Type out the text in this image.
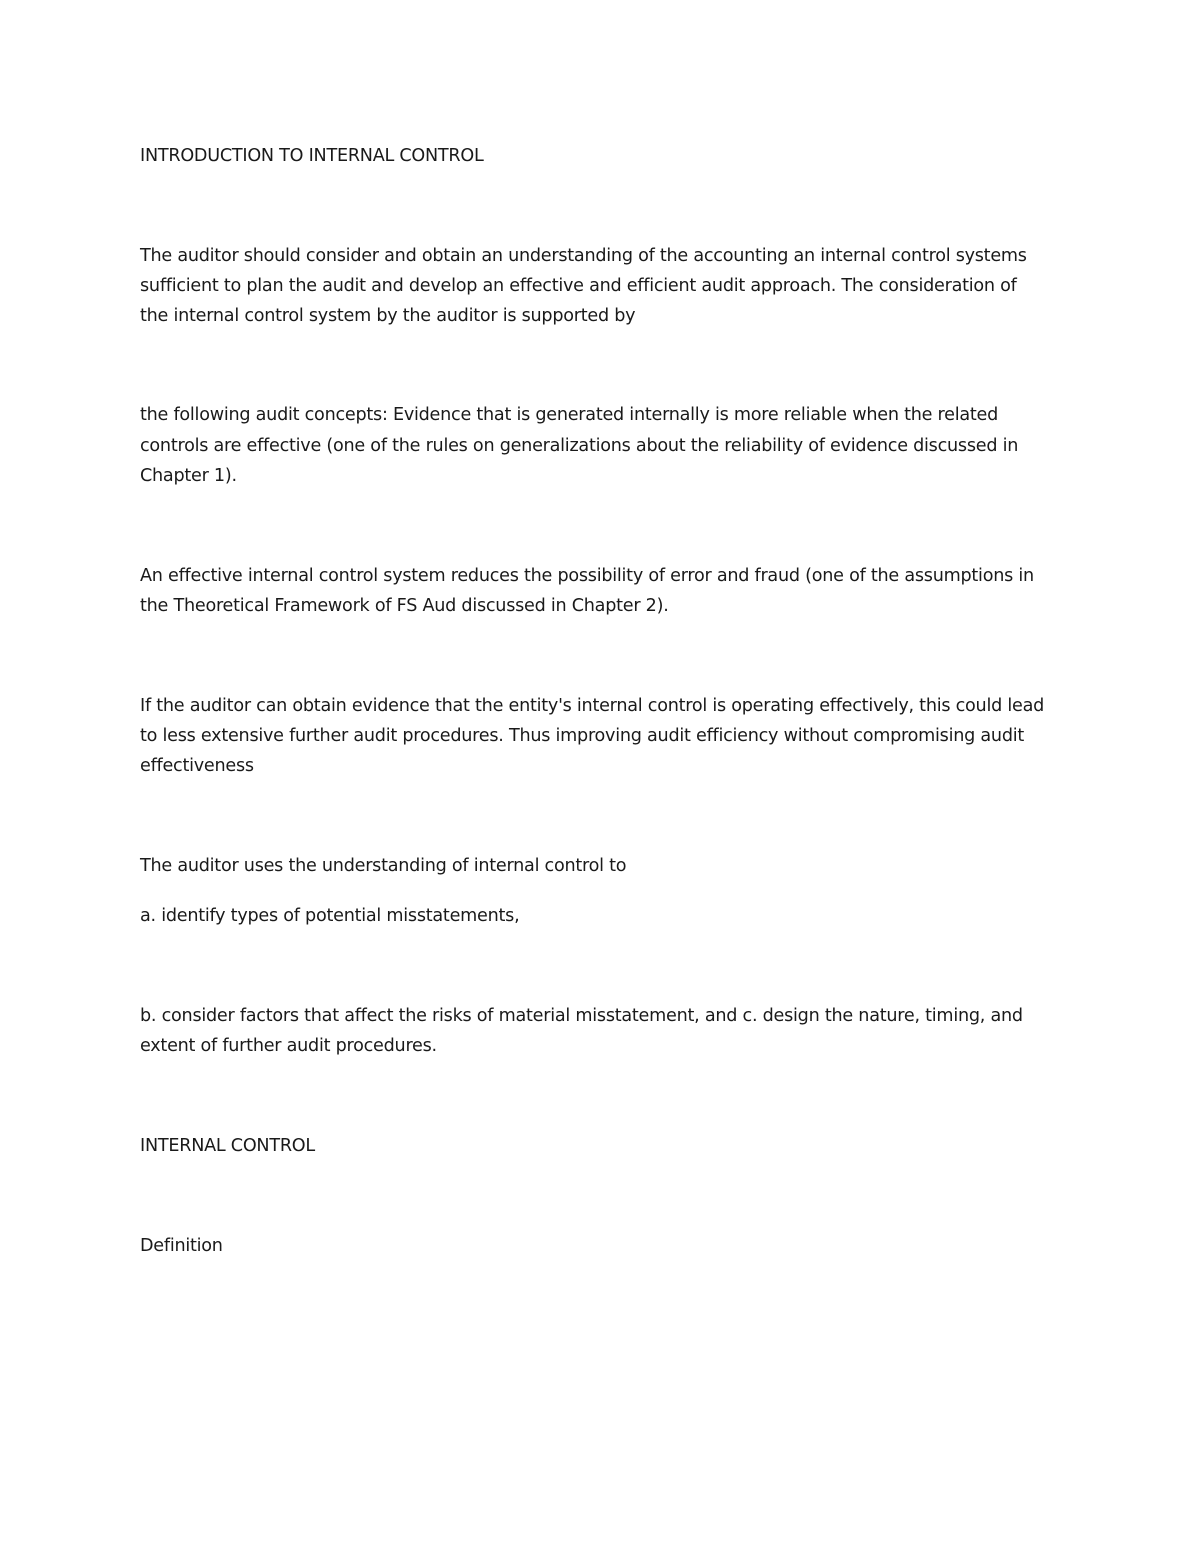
INTRODUCTION TO INTERNAL CONTROL

The auditor should consider and obtain an understanding of the accounting an internal control systems

sufficient to plan the audit and develop an effective and efficient audit approach. The consideration of

the internal control system by the auditor is supported by

the following audit concepts: Evidence that is generated internally is more reliable when the related

controls are effective (one of the rules on generalizations about the reliability of evidence discussed in

Chapter 1).

An effective internal control system reduces the possibility of error and fraud (one of the assumptions in

the Theoretical Framework of FS Aud discussed in Chapter 2).

If the auditor can obtain evidence that the entity's internal control is operating effectively, this could lead

to less extensive further audit procedures. Thus improving audit efficiency without compromising audit

effectiveness

The auditor uses the understanding of internal control to

a. identify types of potential misstatements,

b. consider factors that affect the risks of material misstatement, and c. design the nature, timing, and

extent of further audit procedures.

INTERNAL CONTROL

Definition
